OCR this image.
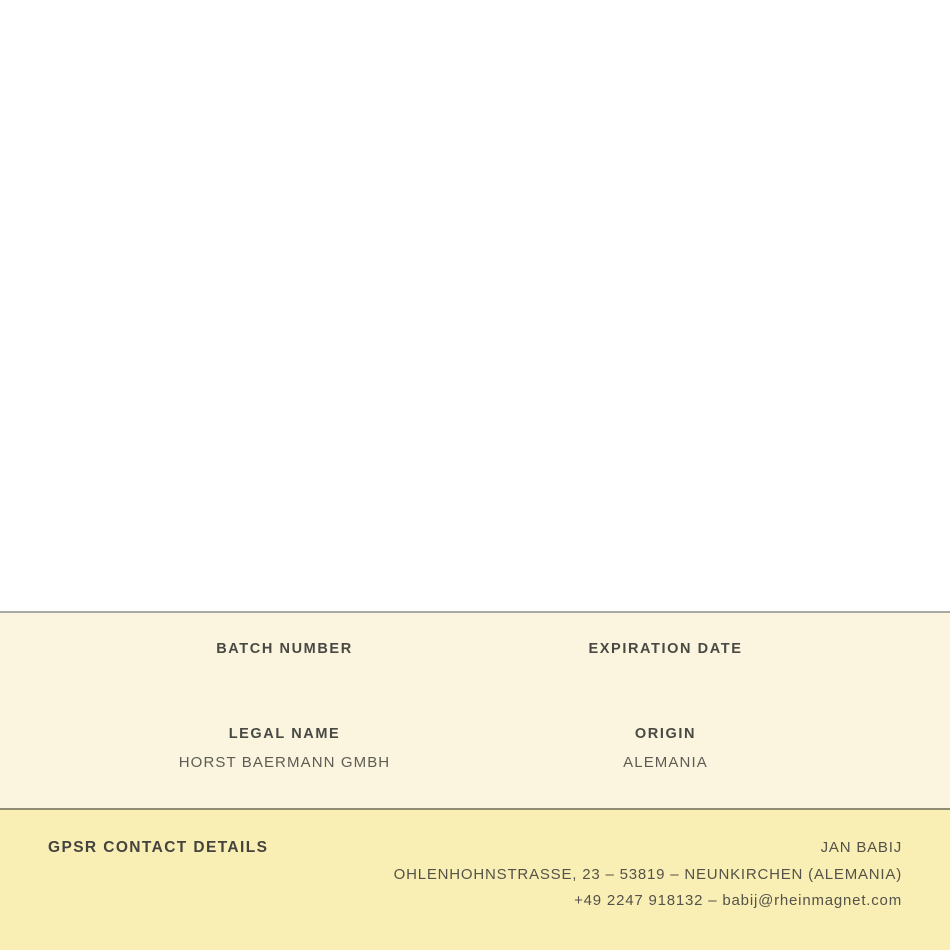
BATCH NUMBER	EXPIRATION DATE
LEGAL NAME
HORST BAERMANN GMBH
ORIGIN
ALEMANIA
GPSR CONTACT DETAILS	JAN BABIJ
OHLENHOHNSTRASSE, 23 – 53819 – NEUNKIRCHEN (ALEMANIA)
+49 2247 918132 – babij@rheinmagnet.com
